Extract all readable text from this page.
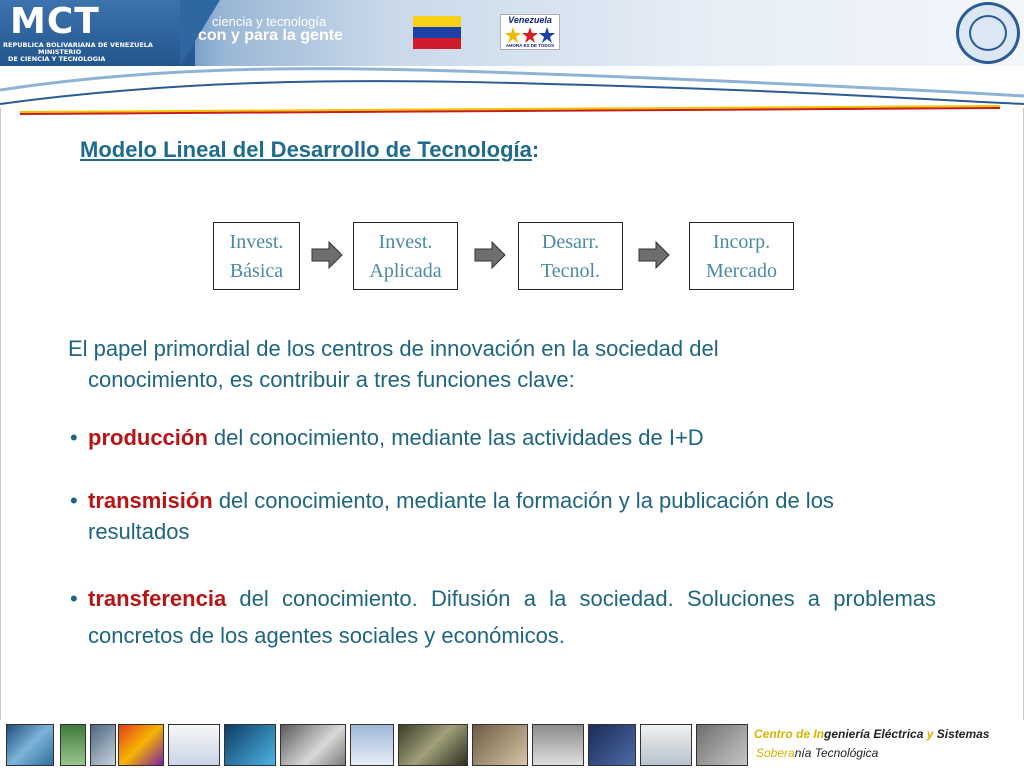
MCT
REPUBLICA BOLIVARIANA DE VENEZUELA
MINISTERIO
DE CIENCIA Y TECNOLOGIA
ciencia y tecnología
con y para la gente
Venezuela
AHORA ES DE TODOS
Modelo Lineal del Desarrollo de Tecnología:
Invest.
Básica
Invest.
Aplicada
Desarr.
Tecnol.
Incorp.
Mercado
El papel primordial de los centros de innovación en la sociedad del
conocimiento, es contribuir a tres funciones clave:
• producción del conocimiento, mediante las actividades de I+D
• transmisión del conocimiento, mediante la formación y la publicación de los resultados
• transferencia del conocimiento. Difusión a la sociedad. Soluciones a problemas concretos de los agentes sociales y económicos.
Centro de Ingeniería Eléctrica y Sistemas
Soberanía Tecnológica
